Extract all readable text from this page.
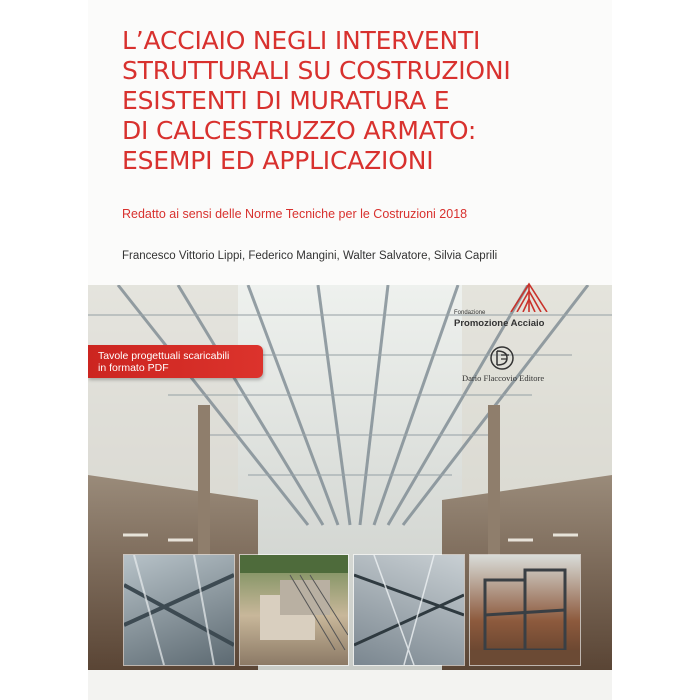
L’ACCIAIO NEGLI INTERVENTI
STRUTTURALI SU COSTRUZIONI
ESISTENTI DI MURATURA E
DI CALCESTRUZZO ARMATO:
ESEMPI ED APPLICAZIONI
Redatto ai sensi delle Norme Tecniche per le Costruzioni 2018
Francesco Vittorio Lippi, Federico Mangini, Walter Salvatore, Silvia Caprili
Tavole progettuali scaricabili
in formato PDF
Fondazione
Promozione Acciaio
Dario Flaccovio Editore
